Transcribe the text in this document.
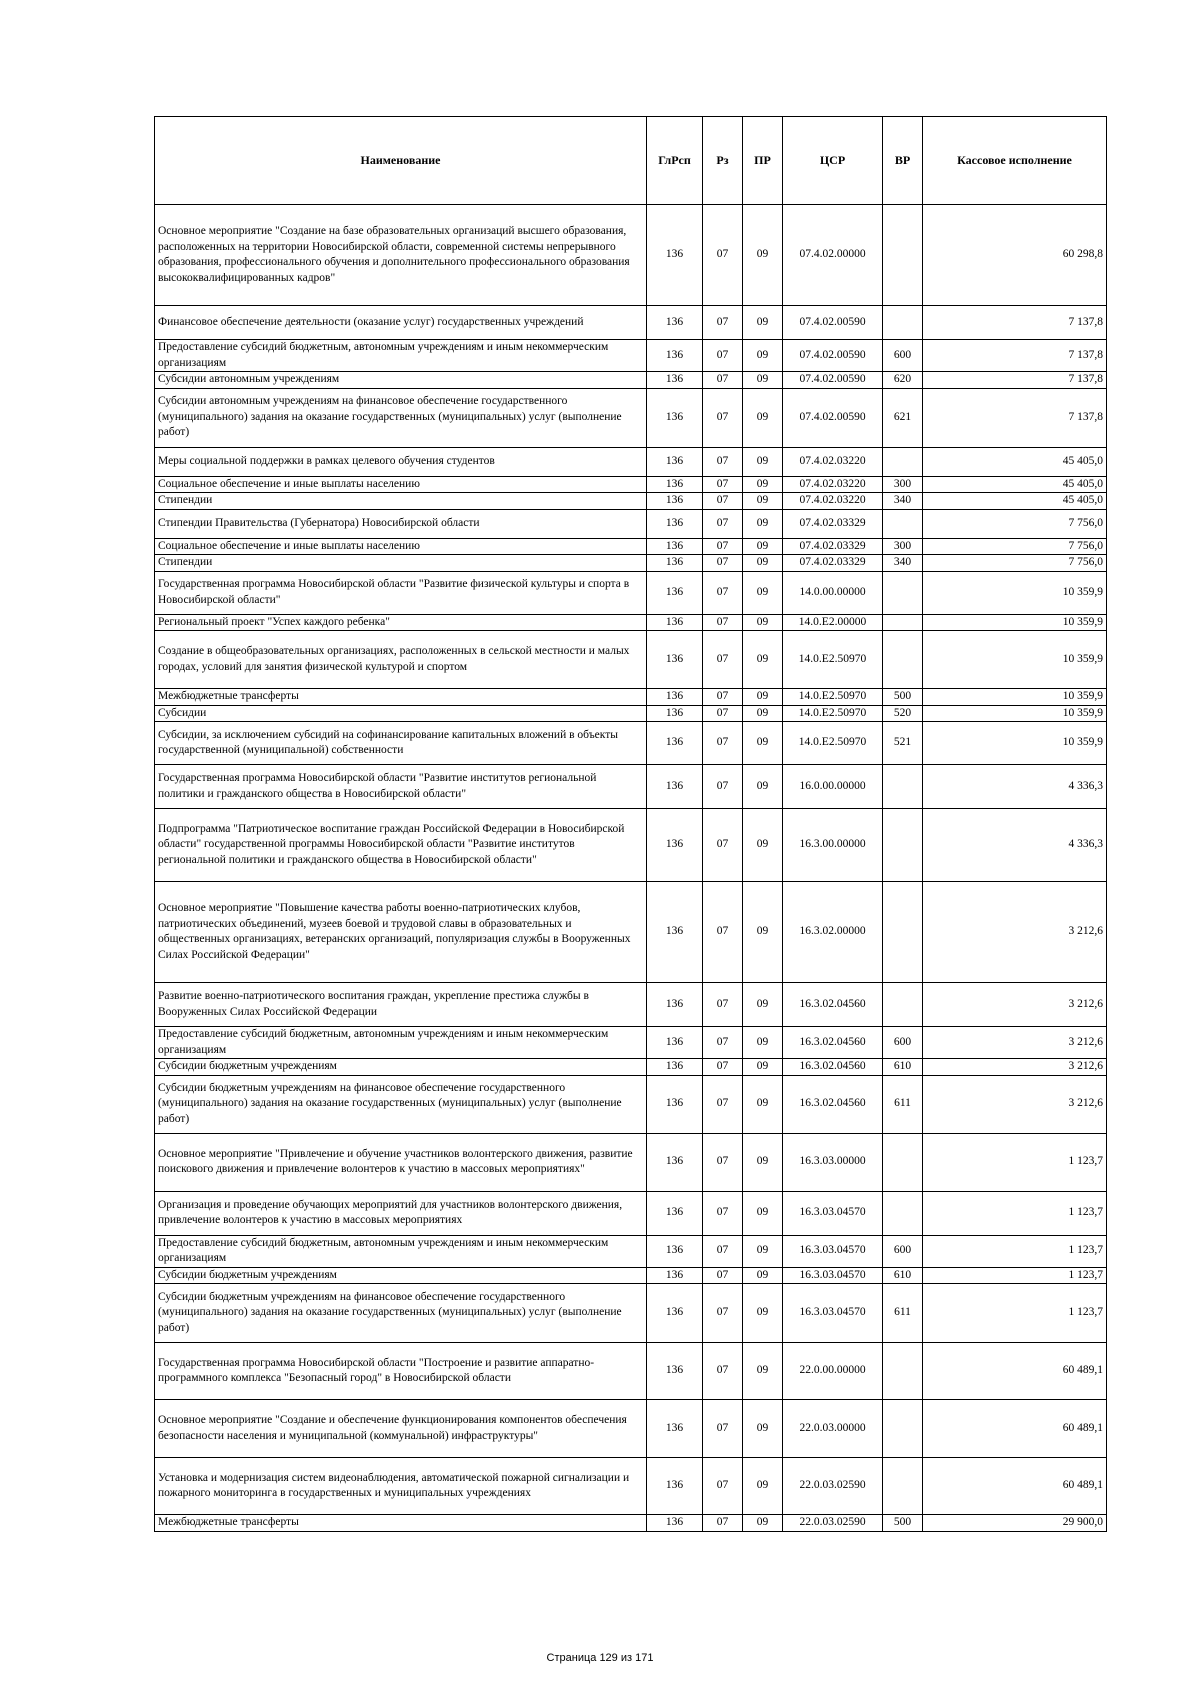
Наименование	ГлРсп	Рз	ПР	ЦСР	ВР	Кассовое исполнение
Основное мероприятие "Создание на базе образовательных организаций высшего образования, расположенных на территории Новосибирской области, современной системы непрерывного образования, профессионального обучения и дополнительного профессионального образования высококвалифицированных кадров"	136	07	09	07.4.02.00000		60 298,8
Финансовое обеспечение деятельности (оказание услуг) государственных учреждений	136	07	09	07.4.02.00590		7 137,8
Предоставление субсидий бюджетным, автономным учреждениям и иным некоммерческим организациям	136	07	09	07.4.02.00590	600	7 137,8
Субсидии автономным учреждениям	136	07	09	07.4.02.00590	620	7 137,8
Субсидии автономным учреждениям на финансовое обеспечение государственного (муниципального) задания на оказание государственных (муниципальных) услуг (выполнение работ)	136	07	09	07.4.02.00590	621	7 137,8
Меры социальной поддержки в рамках целевого обучения студентов	136	07	09	07.4.02.03220		45 405,0
Социальное обеспечение и иные выплаты населению	136	07	09	07.4.02.03220	300	45 405,0
Стипендии	136	07	09	07.4.02.03220	340	45 405,0
Стипендии Правительства (Губернатора) Новосибирской области	136	07	09	07.4.02.03329		7 756,0
Социальное обеспечение и иные выплаты населению	136	07	09	07.4.02.03329	300	7 756,0
Стипендии	136	07	09	07.4.02.03329	340	7 756,0
Государственная программа Новосибирской области "Развитие физической культуры и спорта в Новосибирской области"	136	07	09	14.0.00.00000		10 359,9
Региональный проект "Успех каждого ребенка"	136	07	09	14.0.E2.00000		10 359,9
Создание в общеобразовательных организациях, расположенных в сельской местности и малых городах, условий для занятия физической культурой и спортом	136	07	09	14.0.E2.50970		10 359,9
Межбюджетные трансферты	136	07	09	14.0.E2.50970	500	10 359,9
Субсидии	136	07	09	14.0.E2.50970	520	10 359,9
Субсидии, за исключением субсидий на софинансирование капитальных вложений в объекты государственной (муниципальной) собственности	136	07	09	14.0.E2.50970	521	10 359,9
Государственная программа Новосибирской области "Развитие институтов региональной политики и гражданского общества в Новосибирской области"	136	07	09	16.0.00.00000		4 336,3
Подпрограмма "Патриотическое воспитание граждан Российской Федерации в Новосибирской области" государственной программы Новосибирской области "Развитие институтов региональной политики и гражданского общества в Новосибирской области"	136	07	09	16.3.00.00000		4 336,3
Основное мероприятие "Повышение качества работы военно-патриотических клубов, патриотических объединений, музеев боевой и трудовой славы в образовательных и общественных организациях, ветеранских организаций, популяризация службы в Вооруженных Силах Российской Федерации"	136	07	09	16.3.02.00000		3 212,6
Развитие военно-патриотического воспитания граждан, укрепление престижа службы в Вооруженных Силах Российской Федерации	136	07	09	16.3.02.04560		3 212,6
Предоставление субсидий бюджетным, автономным учреждениям и иным некоммерческим организациям	136	07	09	16.3.02.04560	600	3 212,6
Субсидии бюджетным учреждениям	136	07	09	16.3.02.04560	610	3 212,6
Субсидии бюджетным учреждениям на финансовое обеспечение государственного (муниципального) задания на оказание государственных (муниципальных) услуг (выполнение работ)	136	07	09	16.3.02.04560	611	3 212,6
Основное мероприятие "Привлечение и обучение участников волонтерского движения, развитие поискового движения и привлечение волонтеров к участию в массовых мероприятиях"	136	07	09	16.3.03.00000		1 123,7
Организация и проведение обучающих мероприятий для участников волонтерского движения, привлечение волонтеров к участию в массовых мероприятиях	136	07	09	16.3.03.04570		1 123,7
Предоставление субсидий бюджетным, автономным учреждениям и иным некоммерческим организациям	136	07	09	16.3.03.04570	600	1 123,7
Субсидии бюджетным учреждениям	136	07	09	16.3.03.04570	610	1 123,7
Субсидии бюджетным учреждениям на финансовое обеспечение государственного (муниципального) задания на оказание государственных (муниципальных) услуг (выполнение работ)	136	07	09	16.3.03.04570	611	1 123,7
Государственная программа Новосибирской области "Построение и развитие аппаратно-программного комплекса "Безопасный город" в Новосибирской области	136	07	09	22.0.00.00000		60 489,1
Основное мероприятие "Создание и обеспечение функционирования компонентов обеспечения безопасности населения и муниципальной (коммунальной) инфраструктуры"	136	07	09	22.0.03.00000		60 489,1
Установка и модернизация систем видеонаблюдения, автоматической пожарной сигнализации и пожарного мониторинга в государственных и муниципальных учреждениях	136	07	09	22.0.03.02590		60 489,1
Межбюджетные трансферты	136	07	09	22.0.03.02590	500	29 900,0
Страница 129 из 171
